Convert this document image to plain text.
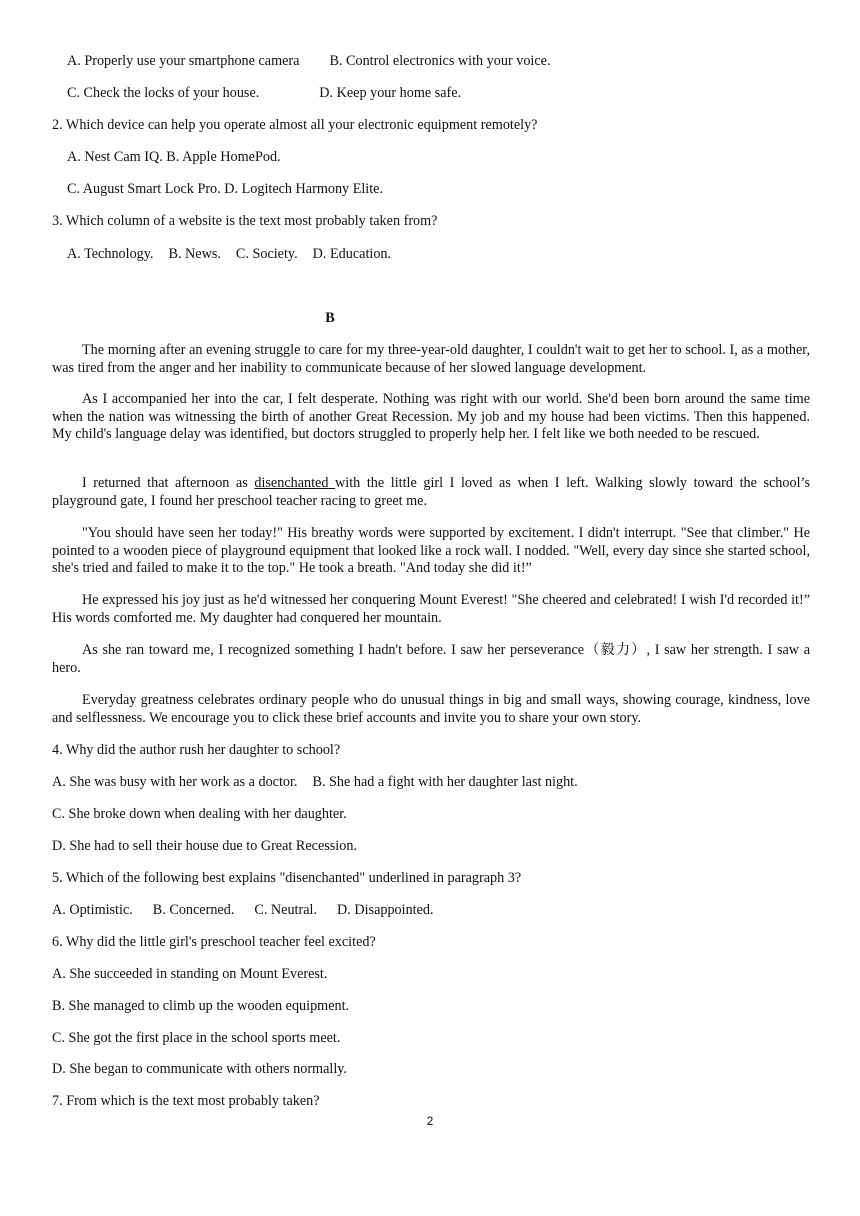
A. Properly use your smartphone camera B. Control electronics with your voice.
C. Check the locks of your house.	D. Keep your home safe.
2. Which device can help you operate almost all your electronic equipment remotely?
A. Nest Cam IQ. B. Apple HomePod.
C. August Smart Lock Pro. D. Logitech Harmony Elite.
3. Which column of a website is the text most probably taken from?
A. Technology. B. News. C. Society. D. Education.
B

The morning after an evening struggle to care for my three-year-old daughter, I couldn't wait to get her to school. I, as a mother, was tired from the anger and her inability to communicate because of her slowed language development.

As I accompanied her into the car, I felt desperate. Nothing was right with our world. She'd been born around the same time when the nation was witnessing the birth of another Great Recession. My job and my house had been victims. Then this happened. My child's language delay was identified, but doctors struggled to properly help her. I felt like we both needed to be rescued.

I returned that afternoon as disenchanted with the little girl I loved as when I left. Walking slowly toward the school’s playground gate, I found her preschool teacher racing to greet me.

"You should have seen her today!" His breathy words were supported by excitement. I didn't interrupt. "See that climber." He pointed to a wooden piece of playground equipment that looked like a rock wall. I nodded. "Well, every day since she started school, she's tried and failed to make it to the top." He took a breath. "And today she did it!”

He expressed his joy just as he'd witnessed her conquering Mount Everest! "She cheered and celebrated! I wish I'd recorded it!” His words comforted me. My daughter had conquered her mountain.

As she ran toward me, I recognized something I hadn't before. I saw her perseverance（毅力）, I saw her strength. I saw a hero.

Everyday greatness celebrates ordinary people who do unusual things in big and small ways, showing courage, kindness, love and selflessness. We encourage you to click these brief accounts and invite you to share your own story.

4. Why did the author rush her daughter to school?
A. She was busy with her work as a doctor. B. She had a fight with her daughter last night.
C. She broke down when dealing with her daughter.
D. She had to sell their house due to Great Recession.
5. Which of the following best explains "disenchanted" underlined in paragraph 3?
A. Optimistic. B. Concerned. C. Neutral. D. Disappointed.
6. Why did the little girl's preschool teacher feel excited?
A. She succeeded in standing on Mount Everest.
B. She managed to climb up the wooden equipment.
C. She got the first place in the school sports meet.
D. She began to communicate with others normally.
7. From which is the text most probably taken?
2
